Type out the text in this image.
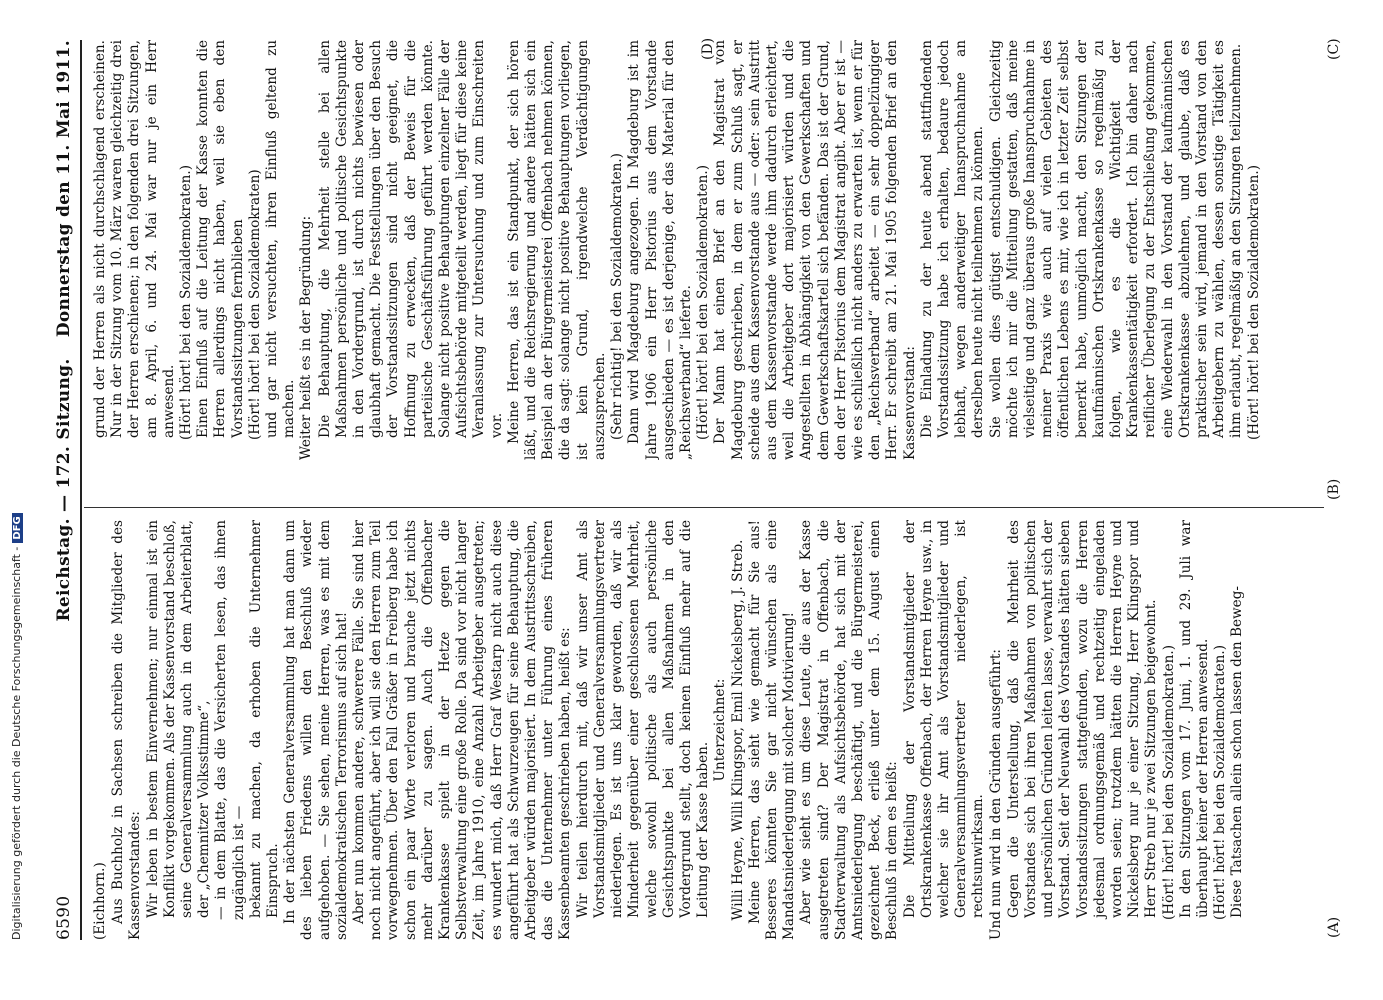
Digitalisierung gefördert durch die Deutsche Forschungsgemeinschaft -DFG
6590
Reichstag. — 172. Sitzung.
Donnerstag den 11. Mai 1911.

(Eichhorn.) Aus Buchholz in Sachsen schreiben die Mitglieder des Kassenvorstandes: Wir leben in bestem Einvernehmen; nur einmal ist ein Konflikt vorgekommen. Als der Kassenvorstand beschloß, seine Generalversammlung auch in dem Arbeiterblatt, der „Chemnitzer Volksstimme“, — in dem Blatte, das die Versicherten lesen, das ihnen zugänglich ist — bekannt zu machen, da erhoben die Unternehmer Einspruch. In der nächsten Generalversammlung hat man dann um des lieben Friedens willen den Beschluß wieder aufgehoben. — Sie sehen, meine Herren, was es mit dem sozialdemokratischen Terrorismus auf sich hat! Aber nun kommen andere, schwerere Fälle. Sie sind hier noch nicht angeführt, aber ich will sie den Herren zum Teil vorwegnehmen. Über den Fall Gräßer in Freiberg habe ich schon ein paar Worte verloren und brauche jetzt nichts mehr darüber zu sagen. Auch die Offenbacher Krankenkasse spielt in der Hetze gegen die Selbstverwaltung eine große Rolle. Da sind vor nicht langer Zeit, im Jahre 1910, eine Anzahl Arbeitgeber ausgetreten; es wundert mich, daß Herr Graf Westarp nicht auch diese angeführt hat als Schwurzeugen für seine Behauptung, die Arbeitgeber würden majorisiert. In dem Austrittsschreiben, das die Unternehmer unter Führung eines früheren Kassenbeamten geschrieben haben, heißt es: Wir teilen hierdurch mit, daß wir unser Amt als Vorstandsmitglieder und Generalversammlungsvertreter niederlegen. Es ist uns klar geworden, daß wir als Minderheit gegenüber einer geschlossenen Mehrheit, welche sowohl politische als auch persönliche Gesichtspunkte bei allen Maßnahmen in den Vordergrund stellt, doch keinen Einfluß mehr auf die Leitung der Kasse haben.

Unterzeichnet: Willi Heyne, Willi Klingspor, Emil Nickelsberg, J. Streb. Meine Herren, das sieht wie gemacht für Sie aus! Besseres könnten Sie gar nicht wünschen als eine Mandatsniederlegung mit solcher Motivierung! Aber wie sieht es um diese Leute, die aus der Kasse ausgetreten sind? Der Magistrat in Offenbach, die Stadtverwaltung als Aufsichtsbehörde, hat sich mit der Amtsniederlegung beschäftigt, und die Bürgermeisterei, gezeichnet Beck, erließ unter dem 15. August einen Beschluß in dem es heißt: Die Mitteilung der Vorstandsmitglieder der Ortskrankenkasse Offenbach, der Herren Heyne usw., in welcher sie ihr Amt als Vorstandsmitglieder und Generalversammlungsvertreter niederlegen, ist rechtsunwirksam. Und nun wird in den Gründen ausgeführt: Gegen die Unterstellung, daß die Mehrheit des Vorstandes sich bei ihren Maßnahmen von politischen und persönlichen Gründen leiten lasse, verwahrt sich der Vorstand. Seit der Neuwahl des Vorstandes hätten sieben Vorstandssitzungen stattgefunden, wozu die Herren jedesmal ordnungsgemäß und rechtzeitig eingeladen worden seien; trotzdem hätten die Herren Heyne und Nickelsberg nur je einer Sitzung, Herr Klingspor und Herr Streb nur je zwei Sitzungen beigewohnt. (Hört! hört! bei den Sozialdemokraten.) In den Sitzungen vom 17. Juni, 1. und 29. Juli war überhaupt keiner der Herren anwesend. (Hört! hört! bei den Sozialdemokraten.) Diese Tatsachen allein schon lassen den Beweg-

grund der Herren als nicht durchschlagend erscheinen. Nur in der Sitzung vom 10. März waren gleichzeitig drei der Herren erschienen; in den folgenden drei Sitzungen, am 8. April, 6. und 24. Mai war nur je ein Herr anwesend. (Hört! hört! bei den Sozialdemokraten.) Einen Einfluß auf die Leitung der Kasse konnten die Herren allerdings nicht haben, weil sie eben den Vorstandssitzungen fernblieben (Hört! hört! bei den Sozialdemokraten) und gar nicht versuchten, ihren Einfluß geltend zu machen. Weiter heißt es in der Begründung: Die Behauptung, die Mehrheit stelle bei allen Maßnahmen persönliche und politische Gesichtspunkte in den Vordergrund, ist durch nichts bewiesen oder glaubhaft gemacht. Die Feststellungen über den Besuch der Vorstandssitzungen sind nicht geeignet, die Hoffnung zu erwecken, daß der Beweis für die parteiische Geschäftsführung geführt werden könnte. Solange nicht positive Behauptungen einzelner Fälle der Aufsichtsbehörde mitgeteilt werden, liegt für diese keine Veranlassung zur Untersuchung und zum Einschreiten vor. Meine Herren, das ist ein Standpunkt, der sich hören läßt, und die Reichsregierung und andere hätten sich ein Beispiel an der Bürgermeisterei Offenbach nehmen können, die da sagt: solange nicht positive Behauptungen vorliegen, ist kein Grund, irgendwelche Verdächtigungen auszusprechen. (Sehr richtig! bei den Sozialdemokraten.) Dann wird Magdeburg angezogen. In Magdeburg ist im Jahre 1906 ein Herr Pistorius aus dem Vorstande ausgeschieden — es ist derjenige, der das Material für den „Reichsverband“ lieferte. (Hört! hört! bei den Sozialdemokraten.) Der Mann hat einen Brief an den Magistrat von Magdeburg geschrieben, in dem er zum Schluß sagt, er scheide aus dem Kassenvorstande aus — oder: sein Austritt aus dem Kassenvorstande werde ihm dadurch erleichtert, weil die Arbeitgeber dort majorisiert würden und die Angestellten in Abhängigkeit von den Gewerkschaften und dem Gewerkschaftskartell sich befänden. Das ist der Grund, den der Herr Pistorius dem Magistrat angibt. Aber er ist — wie es schließlich nicht anders zu erwarten ist, wenn er für den „Reichsverband“ arbeitet — ein sehr doppelzüngiger Herr. Er schreibt am 21. Mai 1905 folgenden Brief an den Kassenvorstand: Die Einladung zu der heute abend stattfindenden Vorstandssitzung habe ich erhalten, bedaure jedoch lebhaft, wegen anderweitiger Inanspruchnahme an derselben heute nicht teilnehmen zu können. Sie wollen dies gütigst entschuldigen. Gleichzeitig möchte ich mir die Mitteilung gestatten, daß meine vielseitige und ganz überaus große Inanspruchnahme in meiner Praxis wie auch auf vielen Gebieten des öffentlichen Lebens es mir, wie ich in letzter Zeit selbst bemerkt habe, unmöglich macht, den Sitzungen der kaufmännischen Ortskrankenkasse so regelmäßig zu folgen, wie es die Wichtigkeit der Krankenkassentätigkeit erfordert. Ich bin daher nach reiflicher Überlegung zu der Entschließung gekommen, eine Wiederwahl in den Vorstand der kaufmännischen Ortskrankenkasse abzulehnen, und glaube, daß es praktischer sein wird, jemand in den Vorstand von den Arbeitgebern zu wählen, dessen sonstige Tätigkeit es ihm erlaubt, regelmäßig an den Sitzungen teilzunehmen. (Hört! hört! bei den Sozialdemokraten.)

(A)
(B)
(C)
(D)
